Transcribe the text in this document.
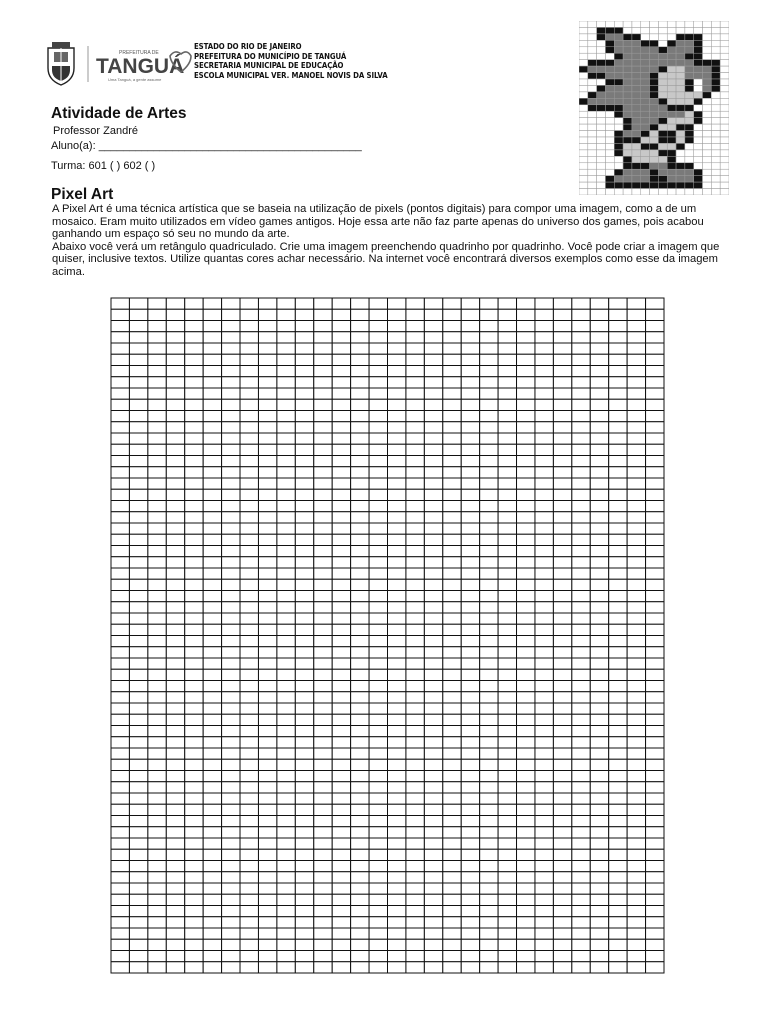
PREFEITURA DE
TANGUÁ
Uma Tanguá, a gente assume
ESTADO DO RIO DE JANEIRO
PREFEITURA DO MUNICÍPIO DE TANGUÁ
SECRETARIA MUNICIPAL DE EDUCAÇÃO
ESCOLA MUNICIPAL VER. MANOEL NOVIS DA SILVA
Atividade de Artes
Professor Zandré
Aluno(a): ___________________________________________
Turma: 601 ( ) 602 ( )
Pixel Art

A Pixel Art é uma técnica artística que se baseia na utilização de pixels (pontos digitais) para compor uma imagem, como a de um mosaico. Eram muito utilizados em vídeo games antigos. Hoje essa arte não faz parte apenas do universo dos games, pois acabou ganhando um espaço só seu no mundo da arte.

Abaixo você verá um retângulo quadriculado. Crie uma imagem preenchendo quadrinho por quadrinho. Você pode criar a imagem que quiser, inclusive textos. Utilize quantas cores achar necessário. Na internet você encontrará diversos exemplos como esse da imagem acima.
